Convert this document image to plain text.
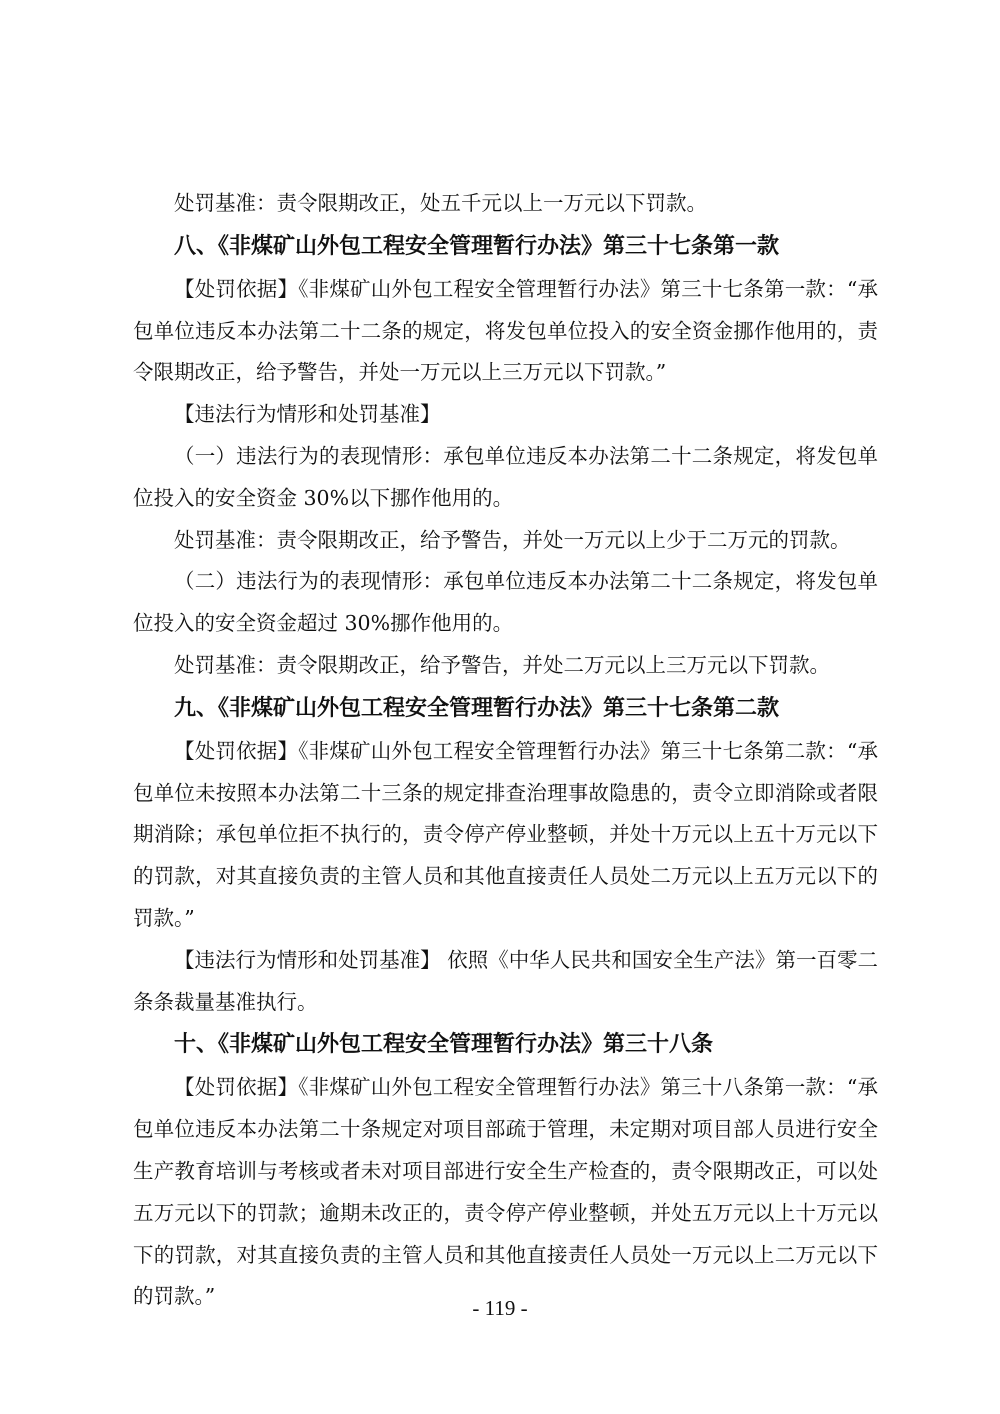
处罚基准：责令限期改正，处五千元以上一万元以下罚款。

八、《非煤矿山外包工程安全管理暂行办法》第三十七条第一款

【处罚依据】《非煤矿山外包工程安全管理暂行办法》第三十七条第一款：“承包单位违反本办法第二十二条的规定，将发包单位投入的安全资金挪作他用的，责令限期改正，给予警告，并处一万元以上三万元以下罚款。”

【违法行为情形和处罚基准】

（一）违法行为的表现情形：承包单位违反本办法第二十二条规定，将发包单位投入的安全资金 30%以下挪作他用的。

处罚基准：责令限期改正，给予警告，并处一万元以上少于二万元的罚款。

（二）违法行为的表现情形：承包单位违反本办法第二十二条规定，将发包单位投入的安全资金超过 30%挪作他用的。

处罚基准：责令限期改正，给予警告，并处二万元以上三万元以下罚款。

九、《非煤矿山外包工程安全管理暂行办法》第三十七条第二款

【处罚依据】《非煤矿山外包工程安全管理暂行办法》第三十七条第二款：“承包单位未按照本办法第二十三条的规定排查治理事故隐患的，责令立即消除或者限期消除；承包单位拒不执行的，责令停产停业整顿，并处十万元以上五十万元以下的罚款，对其直接负责的主管人员和其他直接责任人员处二万元以上五万元以下的罚款。”

【违法行为情形和处罚基准】 依照《中华人民共和国安全生产法》第一百零二条条裁量基准执行。

十、《非煤矿山外包工程安全管理暂行办法》第三十八条

【处罚依据】《非煤矿山外包工程安全管理暂行办法》第三十八条第一款：“承包单位违反本办法第二十条规定对项目部疏于管理，未定期对项目部人员进行安全生产教育培训与考核或者未对项目部进行安全生产检查的，责令限期改正，可以处五万元以下的罚款；逾期未改正的，责令停产停业整顿，并处五万元以上十万元以下的罚款，对其直接负责的主管人员和其他直接责任人员处一万元以上二万元以下的罚款。”	- 119 -
